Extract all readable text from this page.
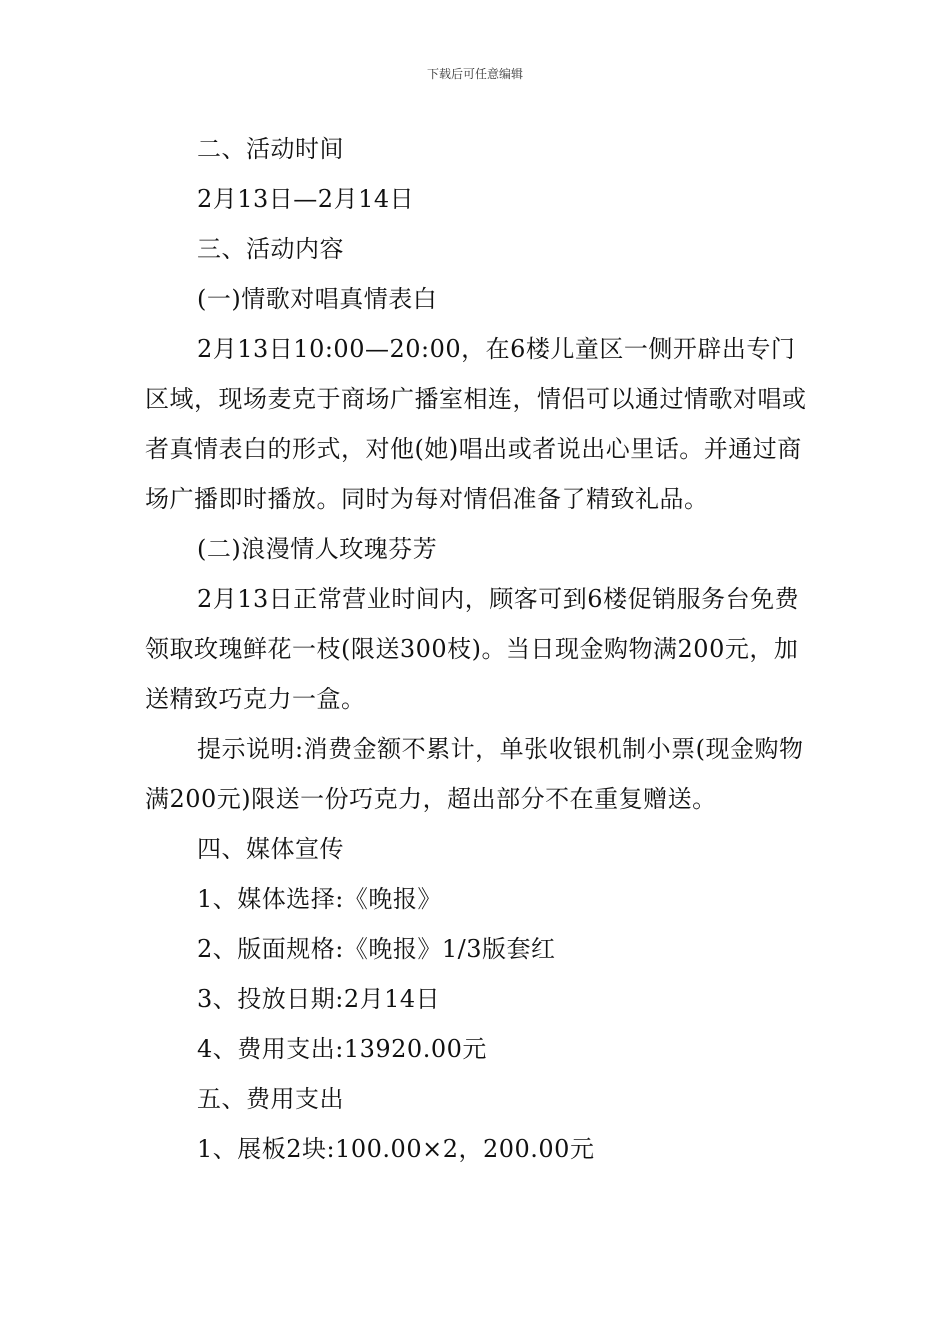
下载后可任意编辑

二、活动时间

2月13日—2月14日

三、活动内容

(一)情歌对唱真情表白

2月13日10:00—20:00，在6楼儿童区一侧开辟出专门区域，现场麦克于商场广播室相连，情侣可以通过情歌对唱或者真情表白的形式，对他(她)唱出或者说出心里话。并通过商场广播即时播放。同时为每对情侣准备了精致礼品。

(二)浪漫情人玫瑰芬芳

2月13日正常营业时间内，顾客可到6楼促销服务台免费领取玫瑰鲜花一枝(限送300枝)。当日现金购物满200元，加送精致巧克力一盒。

提示说明:消费金额不累计，单张收银机制小票(现金购物满200元)限送一份巧克力，超出部分不在重复赠送。

四、媒体宣传

1、媒体选择:《晚报》

2、版面规格:《晚报》1/3版套红

3、投放日期:2月14日

4、费用支出:13920.00元

五、费用支出

1、展板2块:100.00×2，200.00元
